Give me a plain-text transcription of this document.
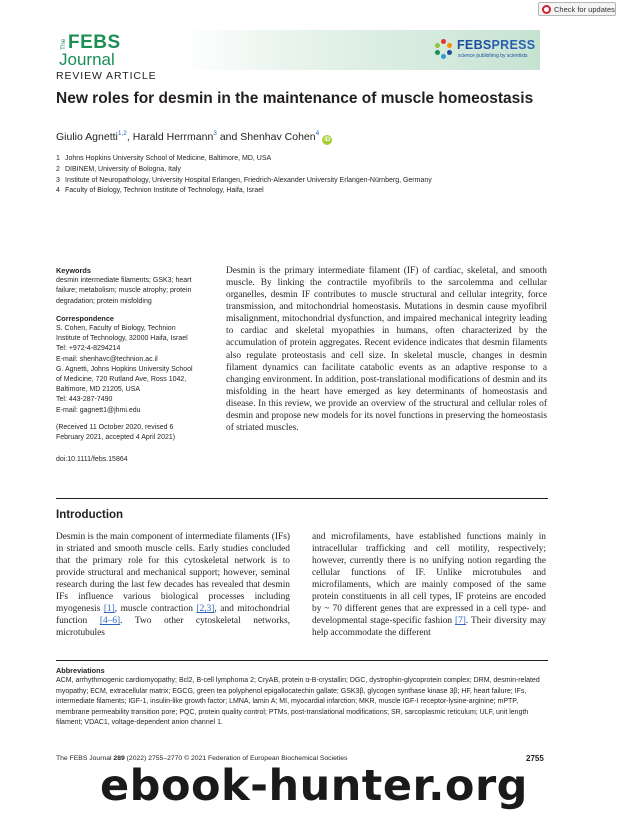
Check for updates
The FEBS
Journal
FEBSPRESS
science publishing by scientists
REVIEW ARTICLE
New roles for desmin in the maintenance of muscle homeostasis
Giulio Agnetti$^{1,2}$, Harald Herrmann$^3$ and Shenhav Cohen$^4$iD
1 Johns Hopkins University School of Medicine, Baltimore, MD, USA
2 DIBINEM, University of Bologna, Italy
3 Institute of Neuropathology, University Hospital Erlangen, Friedrich-Alexander University Erlangen-Nürnberg, Germany
4 Faculty of Biology, Technion Institute of Technology, Haifa, Israel
Keywords
desmin intermediate filaments; GSK3; heart
failure; metabolism; muscle atrophy; protein
degradation; protein misfolding
Correspondence
S. Cohen, Faculty of Biology, Technion
Institute of Technology, 32000 Haifa, Israel
Tel: +972-4-8294214
E-mail: shenhavc@technion.ac.il
G. Agnetti, Johns Hopkins University School
of Medicine, 720 Rutland Ave, Ross 1042,
Baltimore, MD 21205, USA
Tel: 443-287-7490
E-mail: gagnett1@jhmi.edu
(Received 11 October 2020, revised 6
February 2021, accepted 4 April 2021)
doi:10.1111/febs.15864

Desmin is the primary intermediate filament (IF) of cardiac, skeletal, and smooth muscle. By linking the contractile myofibrils to the sarcolemma and cellular organelles, desmin IF contributes to muscle structural and cellular integrity, force transmission, and mitochondrial homeostasis. Mutations in desmin cause myofibril misalignment, mitochondrial dysfunction, and impaired mechanical integrity leading to cardiac and skeletal myopathies in humans, often characterized by the accumulation of protein aggregates. Recent evidence indicates that desmin filaments also regulate proteostasis and cell size. In skeletal muscle, changes in desmin filament dynamics can facilitate catabolic events as an adaptive response to a changing environment. In addition, post-translational modifications of desmin and its misfolding in the heart have emerged as key determinants of homeostasis and disease. In this review, we provide an overview of the structural and cellular roles of desmin and propose new models for its novel functions in preserving the homeostasis of striated muscles.

Introduction

Desmin is the main component of intermediate filaments (IFs) in striated and smooth muscle cells. Early studies concluded that the primary role for this cytoskeletal network is to provide structural and mechanical support; however, seminal research during the last few decades has revealed that desmin IFs influence various biological processes including myogenesis [1], muscle contraction [2,3], and mitochondrial function [4–6]. Two other cytoskeletal networks, microtubules

and microfilaments, have established functions mainly in intracellular trafficking and cell motility, respectively; however, currently there is no unifying notion regarding the cellular functions of IF. Unlike microtubules and microfilaments, which are mainly composed of the same protein constituents in all cell types, IF proteins are encoded by ~ 70 different genes that are expressed in a cell type- and developmental stage-specific fashion [7]. Their diversity may help accommodate the different

Abbreviations
ACM, arrhythmogenic cardiomyopathy; Bcl2, B-cell lymphoma 2; CryAB, protein α-B-crystallin; DGC, dystrophin-glycoprotein complex; DRM, desmin-related myopathy; ECM, extracellular matrix; EGCG, green tea polyphenol epigallocatechin gallate; GSK3β, glycogen synthase kinase 3β; HF, heart failure; IFs, intermediate filaments; IGF-1, insulin-like growth factor; LMNA, lamin A; MI, myocardial infarction; MKR, muscle IGF-I receptor-lysine-arginine; mPTP, membrane permeability transition pore; PQC, protein quality control; PTMs, post-translational modifications; SR, sarcoplasmic reticulum; ULF, unit length filament; VDAC1, voltage-dependent anion channel 1.
The FEBS Journal 289 (2022) 2755–2770 © 2021 Federation of European Biochemical Societies	2755
ebook-hunter.org
